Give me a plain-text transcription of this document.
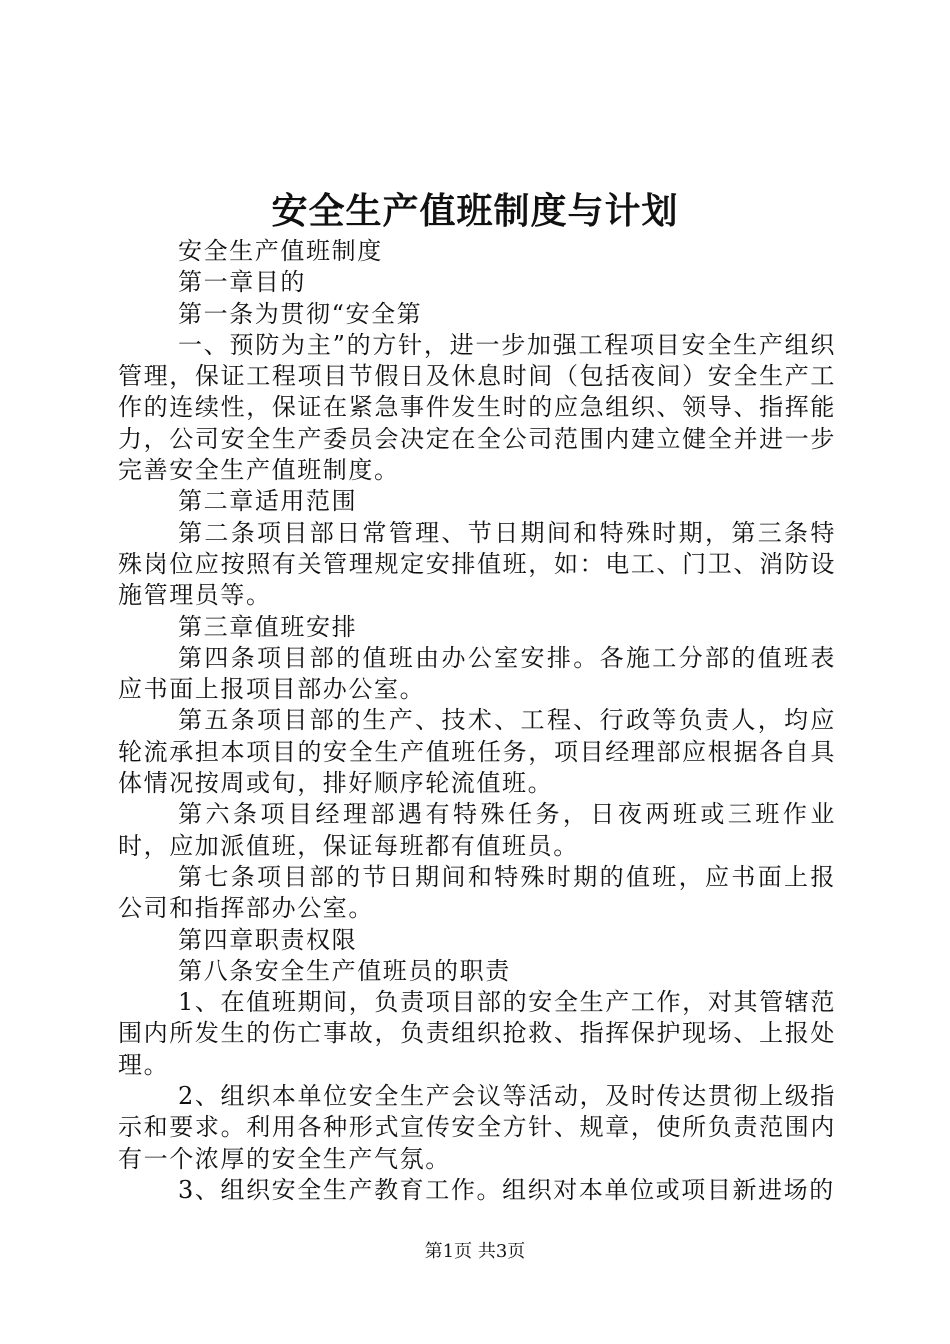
安全生产值班制度与计划

安全生产值班制度

第一章目的

第一条为贯彻“安全第

一、预防为主”的方针，进一步加强工程项目安全生产组织管理，保证工程项目节假日及休息时间（包括夜间）安全生产工作的连续性，保证在紧急事件发生时的应急组织、领导、指挥能力，公司安全生产委员会决定在全公司范围内建立健全并进一步完善安全生产值班制度。

第二章适用范围

第二条项目部日常管理、节日期间和特殊时期，第三条特殊岗位应按照有关管理规定安排值班，如：电工、门卫、消防设施管理员等。

第三章值班安排

第四条项目部的值班由办公室安排。各施工分部的值班表应书面上报项目部办公室。

第五条项目部的生产、技术、工程、行政等负责人，均应轮流承担本项目的安全生产值班任务，项目经理部应根据各自具体情况按周或旬，排好顺序轮流值班。

第六条项目经理部遇有特殊任务，日夜两班或三班作业时，应加派值班，保证每班都有值班员。

第七条项目部的节日期间和特殊时期的值班，应书面上报公司和指挥部办公室。

第四章职责权限

第八条安全生产值班员的职责

1、在值班期间，负责项目部的安全生产工作，对其管辖范围内所发生的伤亡事故，负责组织抢救、指挥保护现场、上报处理。

2、组织本单位安全生产会议等活动，及时传达贯彻上级指示和要求。利用各种形式宣传安全方针、规章，使所负责范围内有一个浓厚的安全生产气氛。

3、组织安全生产教育工作。组织对本单位或项目新进场的

第1页 共3页
